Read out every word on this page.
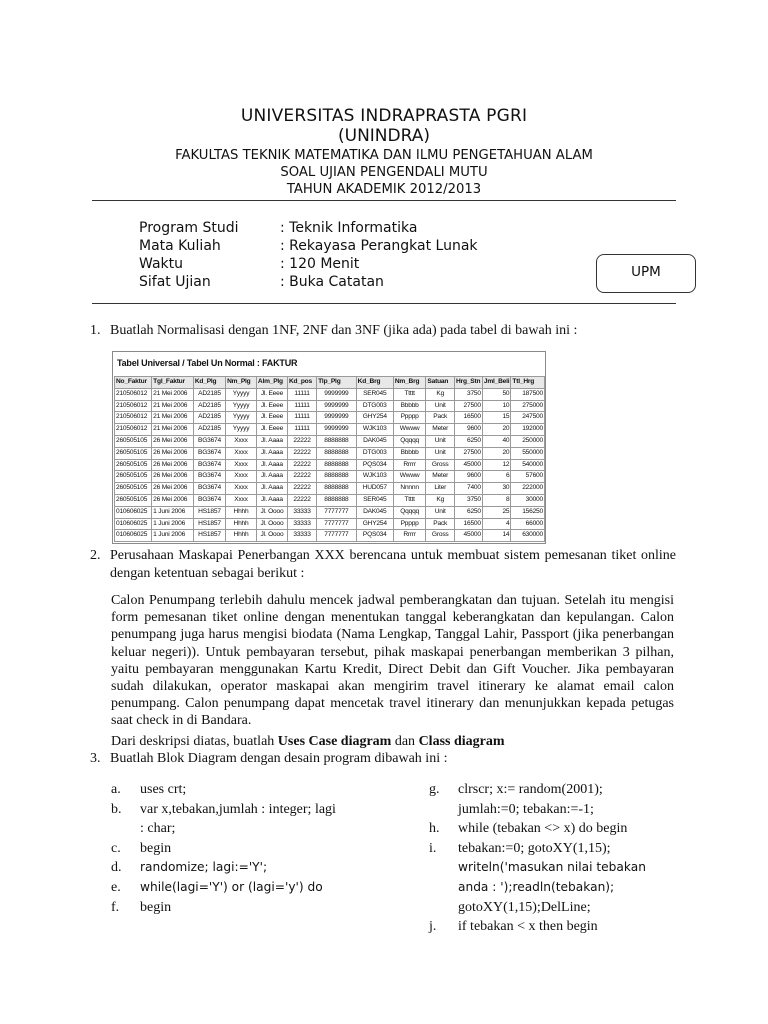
UNIVERSITAS INDRAPRASTA PGRI
(UNINDRA)
FAKULTAS TEKNIK MATEMATIKA DAN ILMU PENGETAHUAN ALAM
SOAL UJIAN PENGENDALI MUTU
TAHUN AKADEMIK 2012/2013
Program Studi	: Teknik Informatika
Mata Kuliah	: Rekayasa Perangkat Lunak
Waktu	: 120 Menit
Sifat Ujian	: Buka Catatan
UPM
1. Buatlah Normalisasi dengan 1NF, 2NF dan 3NF (jika ada) pada tabel di bawah ini :
Tabel Universal / Tabel Un Normal : FAKTUR
No_Faktur	Tgl_Faktur	Kd_Plg	Nm_Plg	Alm_Plg	Kd_pos	Tlp_Plg	Kd_Brg	Nm_Brg	Satuan	Hrg_Stn	Jml_Beli	Ttl_Hrg
210506012	21 Mei 2006	AD2185	Yyyyy	Jl. Eeee	11111	9999999	SER045	Ttttt	Kg	3750	50	187500
210506012	21 Mei 2006	AD2185	Yyyyy	Jl. Eeee	11111	9999999	DTG003	Bbbbb	Unit	27500	10	275000
210506012	21 Mei 2006	AD2185	Yyyyy	Jl. Eeee	11111	9999999	GHY254	Ppppp	Pack	16500	15	247500
210506012	21 Mei 2006	AD2185	Yyyyy	Jl. Eeee	11111	9999999	WJK103	Wwww	Meter	9600	20	192000
260505105	26 Mei 2006	BG3674	Xxxx	Jl. Aaaa	22222	8888888	DAK045	Qqqqq	Unit	6250	40	250000
260505105	26 Mei 2006	BG3674	Xxxx	Jl. Aaaa	22222	8888888	DTG003	Bbbbb	Unit	27500	20	550000
260505105	26 Mei 2006	BG3674	Xxxx	Jl. Aaaa	22222	8888888	PQS034	Rrrrr	Gross	45000	12	540000
260505105	26 Mei 2006	BG3674	Xxxx	Jl. Aaaa	22222	8888888	WJK103	Wwww	Meter	9600	6	57600
260505105	26 Mei 2006	BG3674	Xxxx	Jl. Aaaa	22222	8888888	HUD057	Nnnnn	Liter	7400	30	222000
260505105	26 Mei 2006	BG3674	Xxxx	Jl. Aaaa	22222	8888888	SER045	Ttttt	Kg	3750	8	30000
010606025	1 Juni 2006	HS1857	Hhhh	Jl. Oooo	33333	7777777	DAK045	Qqqqq	Unit	6250	25	156250
010606025	1 Juni 2006	HS1857	Hhhh	Jl. Oooo	33333	7777777	GHY254	Ppppp	Pack	16500	4	66000
010606025	1 Juni 2006	HS1857	Hhhh	Jl. Oooo	33333	7777777	PQS034	Rrrrr	Gross	45000	14	630000
2. Perusahaan Maskapai Penerbangan XXX berencana untuk membuat sistem pemesanan tiket online dengan ketentuan sebagai berikut :
Calon Penumpang terlebih dahulu mencek jadwal pemberangkatan dan tujuan. Setelah itu mengisi form pemesanan tiket online dengan menentukan tanggal keberangkatan dan kepulangan. Calon penumpang juga harus mengisi biodata (Nama Lengkap, Tanggal Lahir, Passport (jika penerbangan keluar negeri)). Untuk pembayaran tersebut, pihak maskapai penerbangan memberikan 3 pilhan, yaitu pembayaran menggunakan Kartu Kredit, Direct Debit dan Gift Voucher. Jika pembayaran sudah dilakukan, operator maskapai akan mengirim travel itinerary ke alamat email calon penumpang. Calon penumpang dapat mencetak travel itinerary dan menunjukkan kepada petugas saat check in di Bandara.
Dari deskripsi diatas, buatlah Uses Case diagram dan Class diagram
3. Buatlah Blok Diagram dengan desain program dibawah ini :
a. uses crt;
b. var x,tebakan,jumlah : integer; lagi
: char;
c. begin
d. randomize; lagi:='Y';
e. while(lagi='Y') or (lagi='y') do
f. begin
g. clrscr; x:= random(2001);
jumlah:=0; tebakan:=-1;
h. while (tebakan <> x) do begin
i. tebakan:=0; gotoXY(1,15);
writeln('masukan nilai tebakan
anda : ');readln(tebakan);
gotoXY(1,15);DelLine;
j. if tebakan < x then begin
